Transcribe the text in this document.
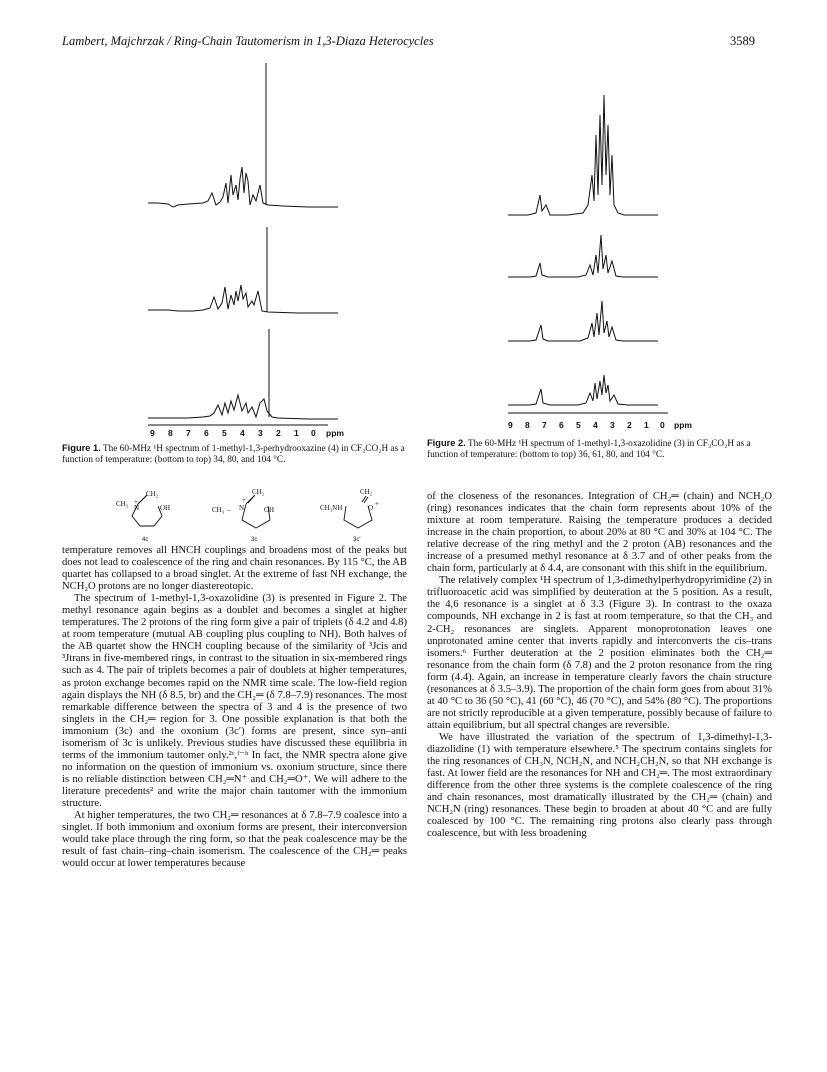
Lambert, Majchrzak / Ring-Chain Tautomerism in 1,3-Diaza Heterocycles	3589
9 8 7 6 5 4 3 2 1 0 ppm
Figure 1. The 60-MHz ¹H spectrum of 1-methyl-1,3-perhydrooxazine (4) in CF₃CO₂H as a function of temperature: (bottom to top) 34, 80, and 104 °C.
9 8 7 6 5 4 3 2 1 0 ppm
Figure 2. The 60-MHz ¹H spectrum of 1-methyl-1,3-oxazolidine (3) in CF₃CO₂H as a function of temperature: (bottom to top) 36, 61, 80, and 104 °C.
CH₃ +
N
CH₂
OH	CH₃ – N
+
CH₂
OH	CH₃NH
CH₂
O +
4c	3c	3c'

temperature removes all HNCH couplings and broadens most of the peaks but does not lead to coalescence of the ring and chain resonances. By 115 °C, the AB quartet has collapsed to a broad singlet. At the extreme of fast NH exchange, the NCH₂O protons are no longer diastereotopic.

The spectrum of 1-methyl-1,3-oxazolidine (3) is presented in Figure 2. The methyl resonance again begins as a doublet and becomes a singlet at higher temperatures. The 2 protons of the ring form give a pair of triplets (δ 4.2 and 4.8) at room temperature (mutual AB coupling plus coupling to NH). Both halves of the AB quartet show the HNCH coupling because of the similarity of ³Jcis and ³Jtrans in five-membered rings, in contrast to the situation in six-membered rings such as 4. The pair of triplets becomes a pair of doublets at higher temperatures, as proton exchange becomes rapid on the NMR time scale. The low-field region again displays the NH (δ 8.5, br) and the CH₂═ (δ 7.8–7.9) resonances. The most remarkable difference between the spectra of 3 and 4 is the presence of two singlets in the CH₂═ region for 3. One possible explanation is that both the immonium (3c) and the oxonium (3c′) forms are present, since syn–anti isomerism of 3c is unlikely. Previous studies have discussed these equilibria in terms of the immonium tautomer only.²ᶜ,ᶠ⁻ʰ In fact, the NMR spectra alone give no information on the question of immonium vs. oxonium structure, since there is no reliable distinction between CH₂═N⁺ and CH₂═O⁺. We will adhere to the literature precedents² and write the major chain tautomer with the immonium structure.

At higher temperatures, the two CH₂═ resonances at δ 7.8–7.9 coalesce into a singlet. If both immonium and oxonium forms are present, their interconversion would take place through the ring form, so that the peak coalescence may be the result of fast chain–ring–chain isomerism. The coalescence of the CH₂═ peaks would occur at lower temperatures because

of the closeness of the resonances. Integration of CH₂═ (chain) and NCH₂O (ring) resonances indicates that the chain form represents about 10% of the mixture at room temperature. Raising the temperature produces a decided increase in the chain proportion, to about 20% at 80 °C and 30% at 104 °C. The relative decrease of the ring methyl and the 2 proton (AB) resonances and the increase of a presumed methyl resonance at δ 3.7 and of other peaks from the chain form, particularly at δ 4.4, are consonant with this shift in the equilibrium.

The relatively complex ¹H spectrum of 1,3-dimethylperhydropyrimidine (2) in trifluoroacetic acid was simplified by deuteration at the 5 position. As a result, the 4,6 resonance is a singlet at δ 3.3 (Figure 3). In contrast to the oxaza compounds, NH exchange in 2 is fast at room temperature, so that the CH₃ and 2-CH₂ resonances are singlets. Apparent monoprotonation leaves one unprotonated amine center that inverts rapidly and interconverts the cis–trans isomers.⁶ Further deuteration at the 2 position eliminates both the CH₂═ resonance from the chain form (δ 7.8) and the 2 proton resonance from the ring form (4.4). Again, an increase in temperature clearly favors the chain structure (resonances at δ 3.5–3.9). The proportion of the chain form goes from about 31% at 40 °C to 36 (50 °C), 41 (60 °C), 46 (70 °C), and 54% (80 °C). The proportions are not strictly reproducible at a given temperature, possibly because of failure to attain equilibrium, but all spectral changes are reversible.

We have illustrated the variation of the spectrum of 1,3-dimethyl-1,3-diazolidine (1) with temperature elsewhere.⁵ The spectrum contains singlets for the ring resonances of CH₃N, NCH₂N, and NCH₂CH₂N, so that NH exchange is fast. At lower field are the resonances for NH and CH₂═. The most extraordinary difference from the other three systems is the complete coalescence of the ring and chain resonances, most dramatically illustrated by the CH₂═ (chain) and NCH₂N (ring) resonances. These begin to broaden at about 40 °C and are fully coalesced by 100 °C. The remaining ring protons also clearly pass through coalescence, but with less broadening
